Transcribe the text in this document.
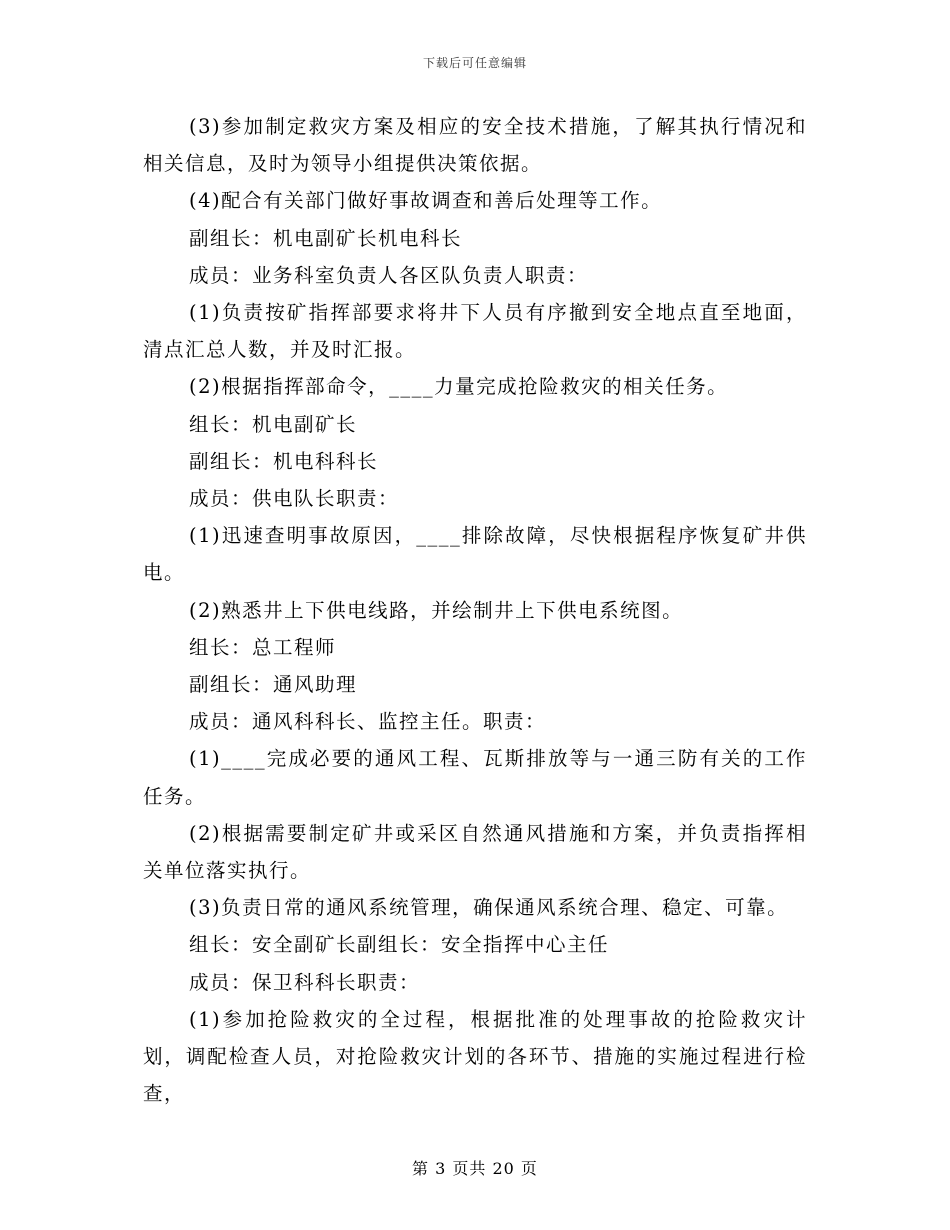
下载后可任意编辑

(3)参加制定救灾方案及相应的安全技术措施，了解其执行情况和相关信息，及时为领导小组提供决策依据。

(4)配合有关部门做好事故调查和善后处理等工作。

副组长：机电副矿长机电科长

成员：业务科室负责人各区队负责人职责：

(1)负责按矿指挥部要求将井下人员有序撤到安全地点直至地面，清点汇总人数，并及时汇报。

(2)根据指挥部命令，____力量完成抢险救灾的相关任务。

组长：机电副矿长

副组长：机电科科长

成员：供电队长职责：

(1)迅速查明事故原因，____排除故障，尽快根据程序恢复矿井供电。

(2)熟悉井上下供电线路，并绘制井上下供电系统图。

组长：总工程师

副组长：通风助理

成员：通风科科长、监控主任。职责：

(1)____完成必要的通风工程、瓦斯排放等与一通三防有关的工作任务。

(2)根据需要制定矿井或采区自然通风措施和方案，并负责指挥相关单位落实执行。

(3)负责日常的通风系统管理，确保通风系统合理、稳定、可靠。

组长：安全副矿长副组长：安全指挥中心主任

成员：保卫科科长职责：

(1)参加抢险救灾的全过程，根据批准的处理事故的抢险救灾计划，调配检查人员，对抢险救灾计划的各环节、措施的实施过程进行检查，

第 3 页共 20 页
